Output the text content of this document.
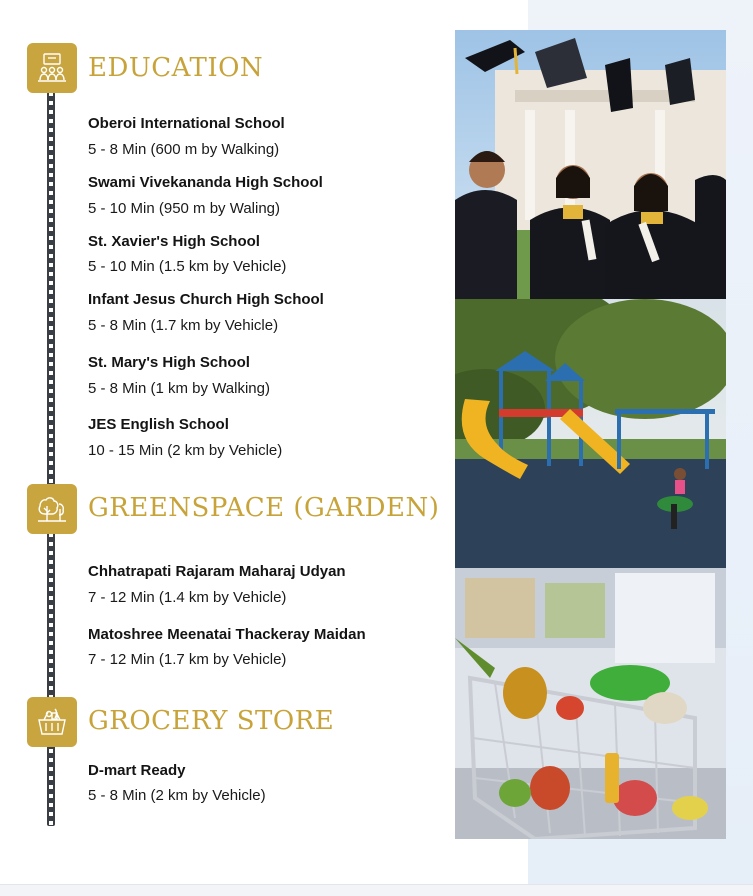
EDUCATION
Oberoi International School
5 - 8 Min (600 m by Walking)
Swami Vivekananda High School
5 - 10 Min (950 m by Waling)
St. Xavier's High School
5 - 10 Min (1.5 km by Vehicle)
Infant Jesus Church High School
5 - 8 Min (1.7 km by Vehicle)
St. Mary's High School
5 - 8 Min (1 km by Walking)
JES English School
10 - 15 Min (2 km by Vehicle)
GREENSPACE (GARDEN)
Chhatrapati Rajaram Maharaj Udyan
7 - 12 Min (1.4 km by Vehicle)
Matoshree Meenatai Thackeray Maidan
7 - 12 Min (1.7 km by Vehicle)
GROCERY STORE
D-mart Ready
5 - 8 Min (2 km by Vehicle)
